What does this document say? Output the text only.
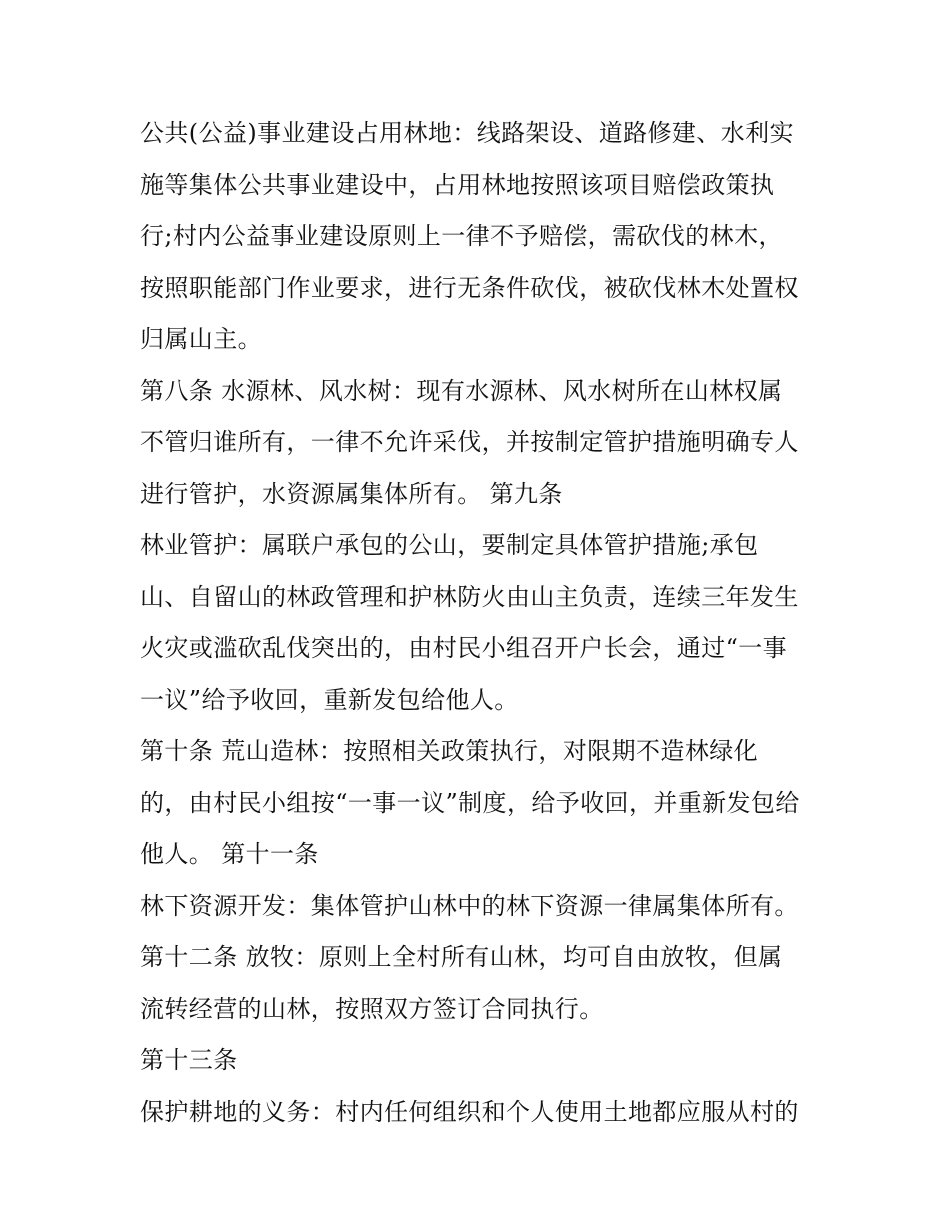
公共(公益)事业建设占用林地：线路架设、道路修建、水利实
施等集体公共事业建设中，占用林地按照该项目赔偿政策执
行;村内公益事业建设原则上一律不予赔偿，需砍伐的林木，
按照职能部门作业要求，进行无条件砍伐，被砍伐林木处置权
归属山主。
第八条 水源林、风水树：现有水源林、风水树所在山林权属
不管归谁所有，一律不允许采伐，并按制定管护措施明确专人
进行管护，水资源属集体所有。 第九条
林业管护：属联户承包的公山，要制定具体管护措施;承包
山、自留山的林政管理和护林防火由山主负责，连续三年发生
火灾或滥砍乱伐突出的，由村民小组召开户长会，通过“一事
一议”给予收回，重新发包给他人。
第十条 荒山造林：按照相关政策执行，对限期不造林绿化
的，由村民小组按“一事一议”制度，给予收回，并重新发包给
他人。 第十一条
林下资源开发：集体管护山林中的林下资源一律属集体所有。
第十二条 放牧：原则上全村所有山林，均可自由放牧，但属
流转经营的山林，按照双方签订合同执行。
第十三条
保护耕地的义务：村内任何组织和个人使用土地都应服从村的
